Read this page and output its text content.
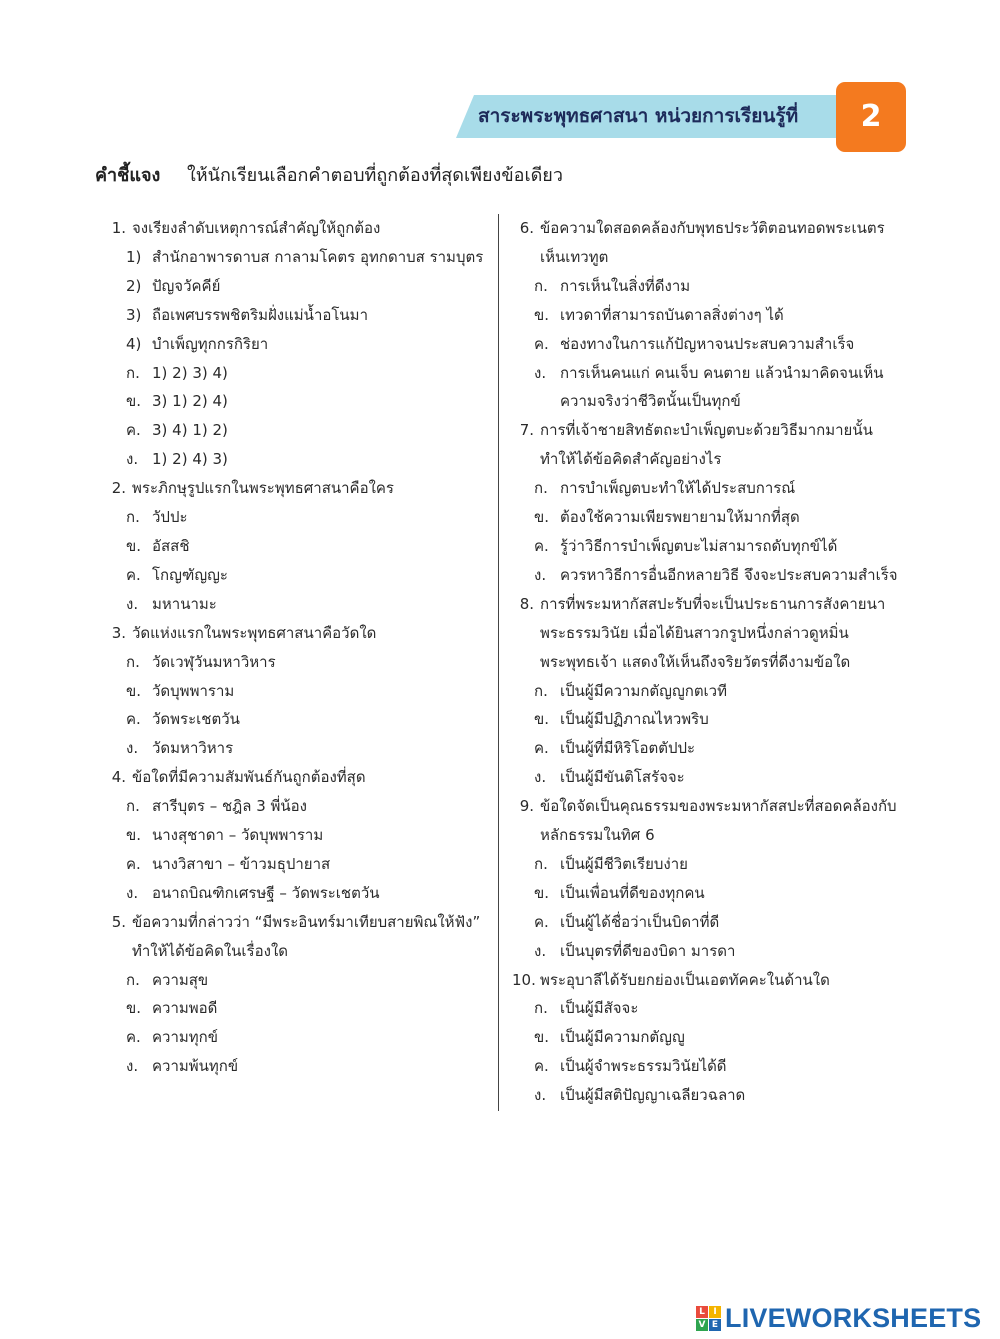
สาระพระพุทธศาสนา หน่วยการเรียนรู้ที่	2
คำชี้แจง ให้นักเรียนเลือกคำตอบที่ถูกต้องที่สุดเพียงข้อเดียว
1. จงเรียงลำดับเหตุการณ์สำคัญให้ถูกต้อง
1) สำนักอาพารดาบส กาลามโคตร อุทกดาบส รามบุตร
2) ปัญจวัคคีย์
3) ถือเพศบรรพชิตริมฝั่งแม่น้ำอโนมา
4) บำเพ็ญทุกกรกิริยา
ก. 1) 2) 3) 4)
ข. 3) 1) 2) 4)
ค. 3) 4) 1) 2)
ง. 1) 2) 4) 3)
2. พระภิกษุรูปแรกในพระพุทธศาสนาคือใคร
ก. วัปปะ
ข. อัสสชิ
ค. โกญฑัญญะ
ง. มหานามะ
3. วัดแห่งแรกในพระพุทธศาสนาคือวัดใด
ก. วัดเวฬุวันมหาวิหาร
ข. วัดบุพพาราม
ค. วัดพระเชตวัน
ง. วัดมหาวิหาร
4. ข้อใดที่มีความสัมพันธ์กันถูกต้องที่สุด
ก. สารีบุตร – ชฎิล 3 พี่น้อง
ข. นางสุชาดา – วัดบุพพาราม
ค. นางวิสาขา – ข้าวมธุปายาส
ง. อนาถบิณฑิกเศรษฐี – วัดพระเชตวัน
5. ข้อความที่กล่าวว่า “มีพระอินทร์มาเทียบสายพิณให้ฟัง”
ทำให้ได้ข้อคิดในเรื่องใด
ก. ความสุข
ข. ความพอดี
ค. ความทุกข์
ง. ความพ้นทุกข์
6. ข้อความใดสอดคล้องกับพุทธประวัติตอนทอดพระเนตร
เห็นเทวทูต
ก. การเห็นในสิ่งที่ดีงาม
ข. เทวดาที่สามารถบันดาลสิ่งต่างๆ ได้
ค. ช่องทางในการแก้ปัญหาจนประสบความสำเร็จ
ง. การเห็นคนแก่ คนเจ็บ คนตาย แล้วนำมาคิดจนเห็น
ความจริงว่าชีวิตนั้นเป็นทุกข์
7. การที่เจ้าชายสิทธัตถะบำเพ็ญตบะด้วยวิธีมากมายนั้น
ทำให้ได้ข้อคิดสำคัญอย่างไร
ก. การบำเพ็ญตบะทำให้ได้ประสบการณ์
ข. ต้องใช้ความเพียรพยายามให้มากที่สุด
ค. รู้ว่าวิธีการบำเพ็ญตบะไม่สามารถดับทุกข์ได้
ง. ควรหาวิธีการอื่นอีกหลายวิธี จึงจะประสบความสำเร็จ
8. การที่พระมหากัสสปะรับที่จะเป็นประธานการสังคายนา
พระธรรมวินัย เมื่อได้ยินสาวกรูปหนึ่งกล่าวดูหมิ่น
พระพุทธเจ้า แสดงให้เห็นถึงจริยวัตรที่ดีงามข้อใด
ก. เป็นผู้มีความกตัญญูกตเวที
ข. เป็นผู้มีปฏิภาณไหวพริบ
ค. เป็นผู้ที่มีหิริโอตตัปปะ
ง. เป็นผู้มีขันติโสรัจจะ
9. ข้อใดจัดเป็นคุณธรรมของพระมหากัสสปะที่สอดคล้องกับ
หลักธรรมในทิศ 6
ก. เป็นผู้มีชีวิตเรียบง่าย
ข. เป็นเพื่อนที่ดีของทุกคน
ค. เป็นผู้ได้ชื่อว่าเป็นบิดาที่ดี
ง. เป็นบุตรที่ดีของบิดา มารดา
10. พระอุบาลีได้รับยกย่องเป็นเอตทัคคะในด้านใด
ก. เป็นผู้มีสัจจะ
ข. เป็นผู้มีความกตัญญู
ค. เป็นผู้จำพระธรรมวินัยได้ดี
ง. เป็นผู้มีสติปัญญาเฉลียวฉลาด
L I
V E LIVEWORKSHEETS
